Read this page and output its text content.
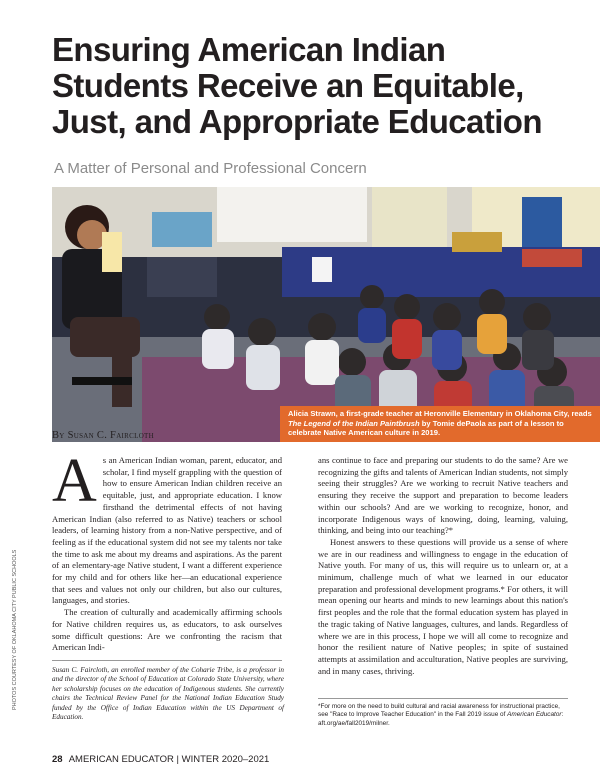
Ensuring American Indian
Students Receive an Equitable,
Just, and Appropriate Education
A Matter of Personal and Professional Concern
Alicia Strawn, a first-grade teacher at Heronville Elementary in Oklahoma City, reads The Legend of the Indian Paintbrush by Tomie dePaola as part of a lesson to celebrate Native American culture in 2019.
PHOTOS COURTESY OF OKLAHOMA CITY PUBLIC SCHOOLS
By Susan C. Faircloth

As an American Indian woman, parent, educator, and scholar, I find myself grappling with the question of how to ensure American Indian children receive an equitable, just, and appropriate education. I know firsthand the detrimental effects of not having American Indian (also referred to as Native) teachers or school leaders, of learning history from a non-Native perspective, and of feeling as if the educational system did not see my talents nor take the time to ask me about my dreams and aspirations. As the parent of an elementary-age Native student, I want a different experience for my child and for others like her—an educational experience that sees and values not only our children, but also our cultures, languages, and stories.

The creation of culturally and academically affirming schools for Native children requires us, as educators, to ask ourselves some difficult questions: Are we confronting the racism that American Indi-

ans continue to face and preparing our students to do the same? Are we recognizing the gifts and talents of American Indian students, not simply seeing their struggles? Are we working to recruit Native teachers and ensuring they receive the support and preparation to become leaders within our schools? And are we working to recognize, honor, and incorporate Indigenous ways of knowing, doing, learning, valuing, thinking, and being into our teaching?*

Honest answers to these questions will provide us a sense of where we are in our readiness and willingness to engage in the education of Native youth. For many of us, this will require us to unlearn or, at a minimum, challenge much of what we learned in our educator preparation and professional development programs.* For others, it will mean opening our hearts and minds to new learnings about this nation's first peoples and the role that the formal education system has played in the tragic taking of Native languages, cultures, and lands. Regardless of where we are in this process, I hope we will all come to recognize and honor the resilient nature of Native peoples; in spite of sustained attempts at assimilation and acculturation, Native peoples are surviving, and in many cases, thriving.

Susan C. Faircloth, an enrolled member of the Coharie Tribe, is a professor in and the director of the School of Education at Colorado State University, where her scholarship focuses on the education of Indigenous students. She currently chairs the Technical Review Panel for the National Indian Education Study funded by the Office of Indian Education within the US Department of Education.
*For more on the need to build cultural and racial awareness for instructional practice, see "Race to Improve Teacher Education" in the Fall 2019 issue of American Educator: aft.org/ae/fall2019/milner.
28 AMERICAN EDUCATOR | WINTER 2020–2021
